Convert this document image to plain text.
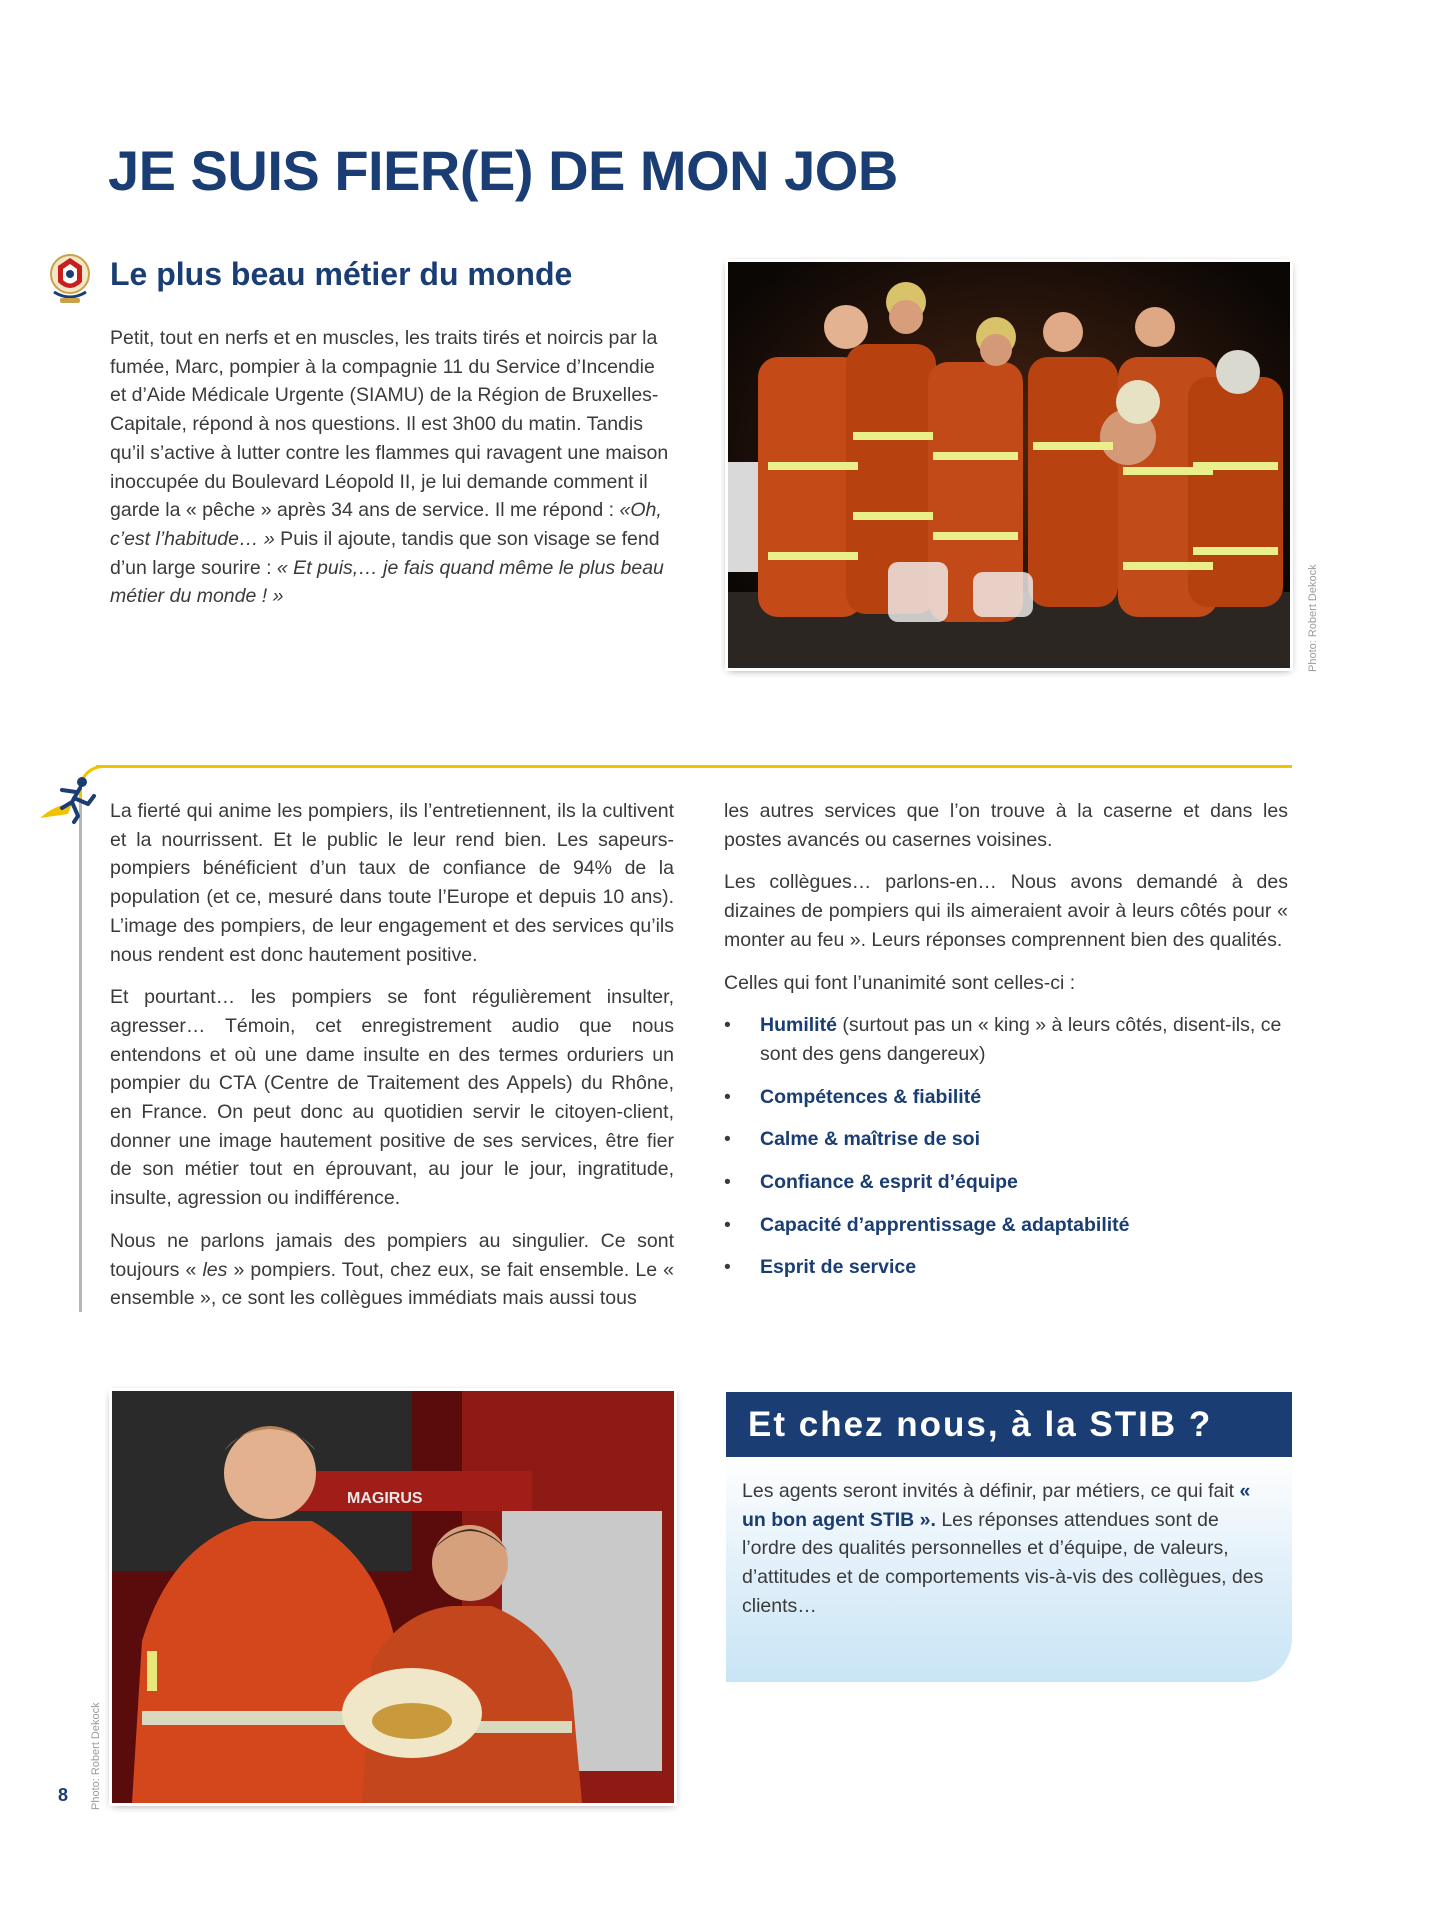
JE SUIS FIER(E) DE MON JOB
Le plus beau métier du monde

Petit, tout en nerfs et en muscles, les traits tirés et noircis par la fumée, Marc, pompier à la compagnie 11 du Service d’Incendie et d’Aide Médicale Urgente (SIAMU) de la Région de Bruxelles-Capitale, répond à nos questions. Il est 3h00 du matin. Tandis qu’il s’active à lutter contre les flammes qui ravagent une maison inoccupée du Boulevard Léopold II, je lui demande comment il garde la « pêche » après 34 ans de service. Il me répond : «Oh, c’est l’habitude… » Puis il ajoute, tandis que son visage se fend d’un large sourire : « Et puis,… je fais quand même le plus beau métier du monde ! »	Photo: Robert Dekock

La fierté qui anime les pompiers, ils l’entretiennent, ils la cultivent et la nourrissent. Et le public le leur rend bien. Les sapeurs-pompiers bénéficient d’un taux de confiance de 94% de la population (et ce, mesuré dans toute l’Europe et depuis 10 ans). L’image des pompiers, de leur engagement et des services qu’ils nous rendent est donc hautement positive.

Et pourtant… les pompiers se font régulièrement insulter, agresser… Témoin, cet enregistrement audio que nous entendons et où une dame insulte en des termes orduriers un pompier du CTA (Centre de Traitement des Appels) du Rhône, en France. On peut donc au quotidien servir le citoyen-client, donner une image hautement positive de ses services, être fier de son métier tout en éprouvant, au jour le jour, ingratitude, insulte, agression ou indifférence.

Nous ne parlons jamais des pompiers au singulier. Ce sont toujours « les » pompiers. Tout, chez eux, se fait ensemble. Le « ensemble », ce sont les collègues immédiats mais aussi tous

les autres services que l’on trouve à la caserne et dans les postes avancés ou casernes voisines.

Les collègues… parlons-en… Nous avons demandé à des dizaines de pompiers qui ils aimeraient avoir à leurs côtés pour « monter au feu ». Leurs réponses comprennent bien des qualités.

Celles qui font l’unanimité sont celles-ci :

• Humilité (surtout pas un « king » à leurs côtés, disent-ils, ce sont des gens dangereux)
• Compétences & fiabilité
• Calme & maîtrise de soi
• Confiance & esprit d’équipe
• Capacité d’apprentissage & adaptabilité
• Esprit de service
MAGIRUS
Photo: Robert Dekock
Et chez nous, à la STIB ?

Les agents seront invités à définir, par métiers, ce qui fait « un bon agent STIB ». Les réponses attendues sont de l’ordre des qualités personnelles et d’équipe, de valeurs, d’attitudes et de comportements vis-à-vis des collègues, des clients…

8
